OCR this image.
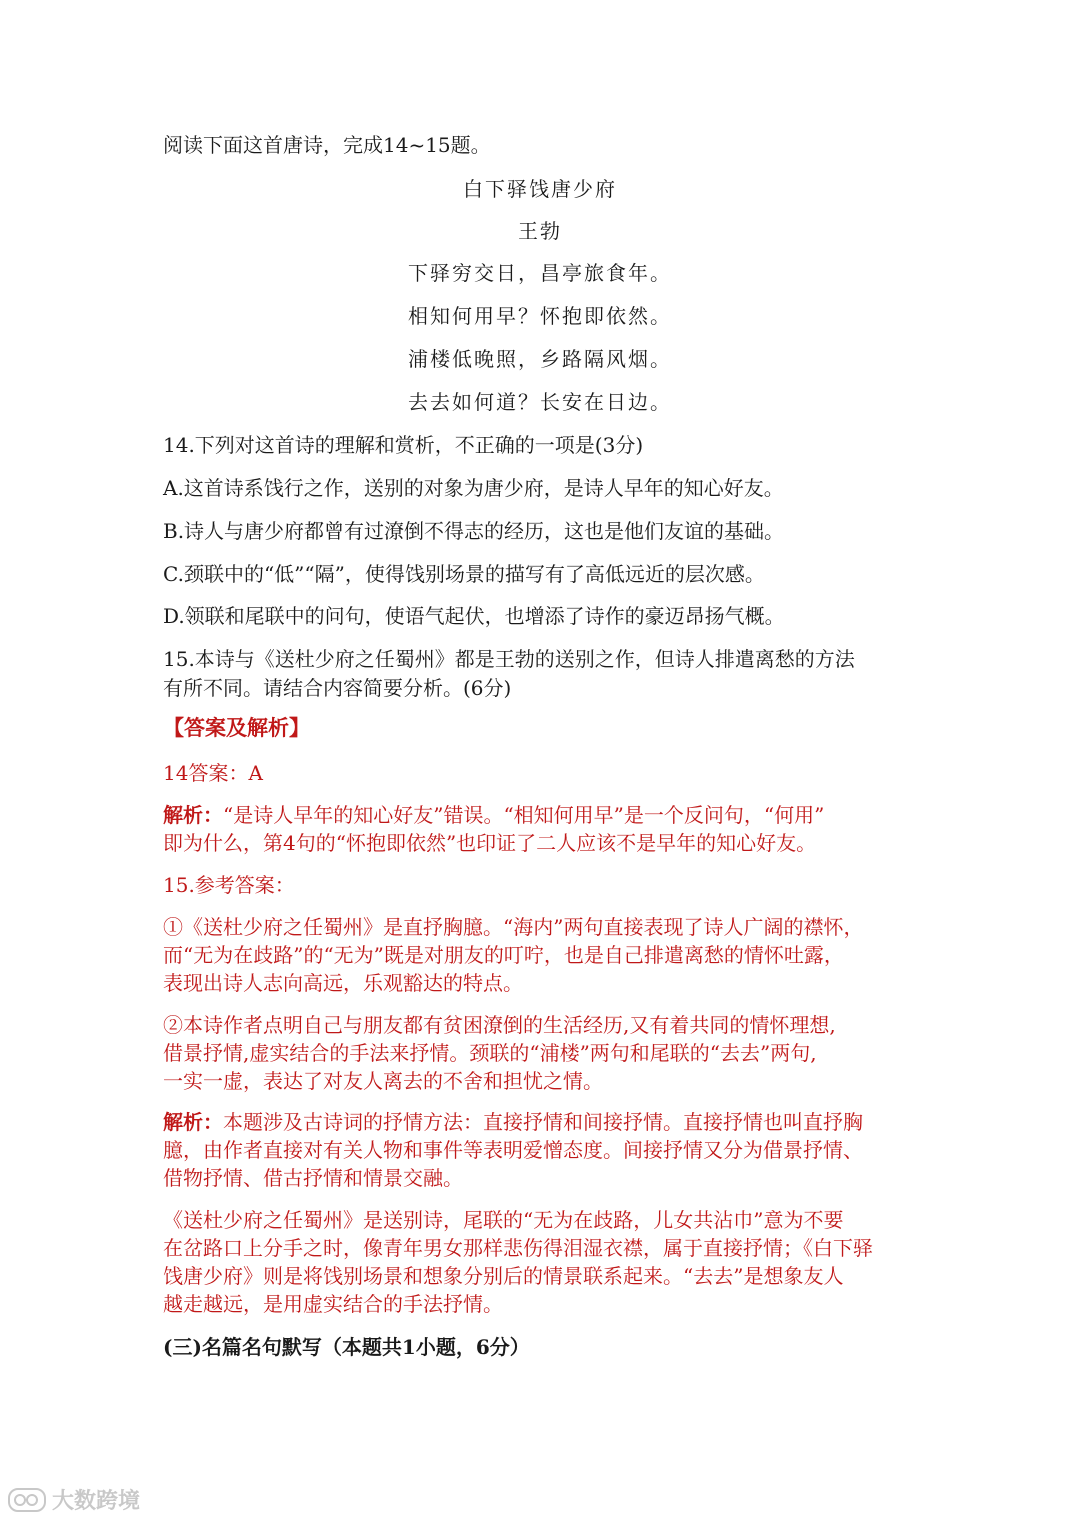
阅读下面这首唐诗，完成14~15题。
白下驿饯唐少府
王勃
下驿穷交日，昌亭旅食年。
相知何用早？怀抱即依然。
浦楼低晚照，乡路隔风烟。
去去如何道？长安在日边。
14.下列对这首诗的理解和赏析，不正确的一项是(3分)
A.这首诗系饯行之作，送别的对象为唐少府，是诗人早年的知心好友。
B.诗人与唐少府都曾有过潦倒不得志的经历，这也是他们友谊的基础。
C.颈联中的“低”“隔”，使得饯别场景的描写有了高低远近的层次感。
D.领联和尾联中的问句，使语气起伏，也增添了诗作的豪迈昂扬气概。
15.本诗与《送杜少府之任蜀州》都是王勃的送别之作，但诗人排遣离愁的方法
有所不同。请结合内容简要分析。(6分)
【答案及解析】
14答案：A
解析：“是诗人早年的知心好友”错误。“相知何用早”是一个反问句，“何用”
即为什么，第4句的“怀抱即依然”也印证了二人应该不是早年的知心好友。
15.参考答案：
①《送杜少府之任蜀州》是直抒胸臆。“海内”两句直接表现了诗人广阔的襟怀，
而“无为在歧路”的“无为”既是对朋友的叮咛，也是自己排遣离愁的情怀吐露，
表现出诗人志向高远，乐观豁达的特点。
②本诗作者点明自己与朋友都有贫困潦倒的生活经历,又有着共同的情怀理想,
借景抒情,虚实结合的手法来抒情。颈联的“浦楼”两句和尾联的“去去”两句,
一实一虚，表达了对友人离去的不舍和担忧之情。
解析：本题涉及古诗词的抒情方法：直接抒情和间接抒情。直接抒情也叫直抒胸
臆，由作者直接对有关人物和事件等表明爱憎态度。间接抒情又分为借景抒情、
借物抒情、借古抒情和情景交融。
《送杜少府之任蜀州》是送别诗，尾联的“无为在歧路，儿女共沾巾”意为不要
在岔路口上分手之时，像青年男女那样悲伤得泪湿衣襟，属于直接抒情；《白下驿
饯唐少府》则是将饯别场景和想象分别后的情景联系起来。“去去”是想象友人
越走越远，是用虚实结合的手法抒情。
(三)名篇名句默写（本题共1小题，6分）
大数跨境
